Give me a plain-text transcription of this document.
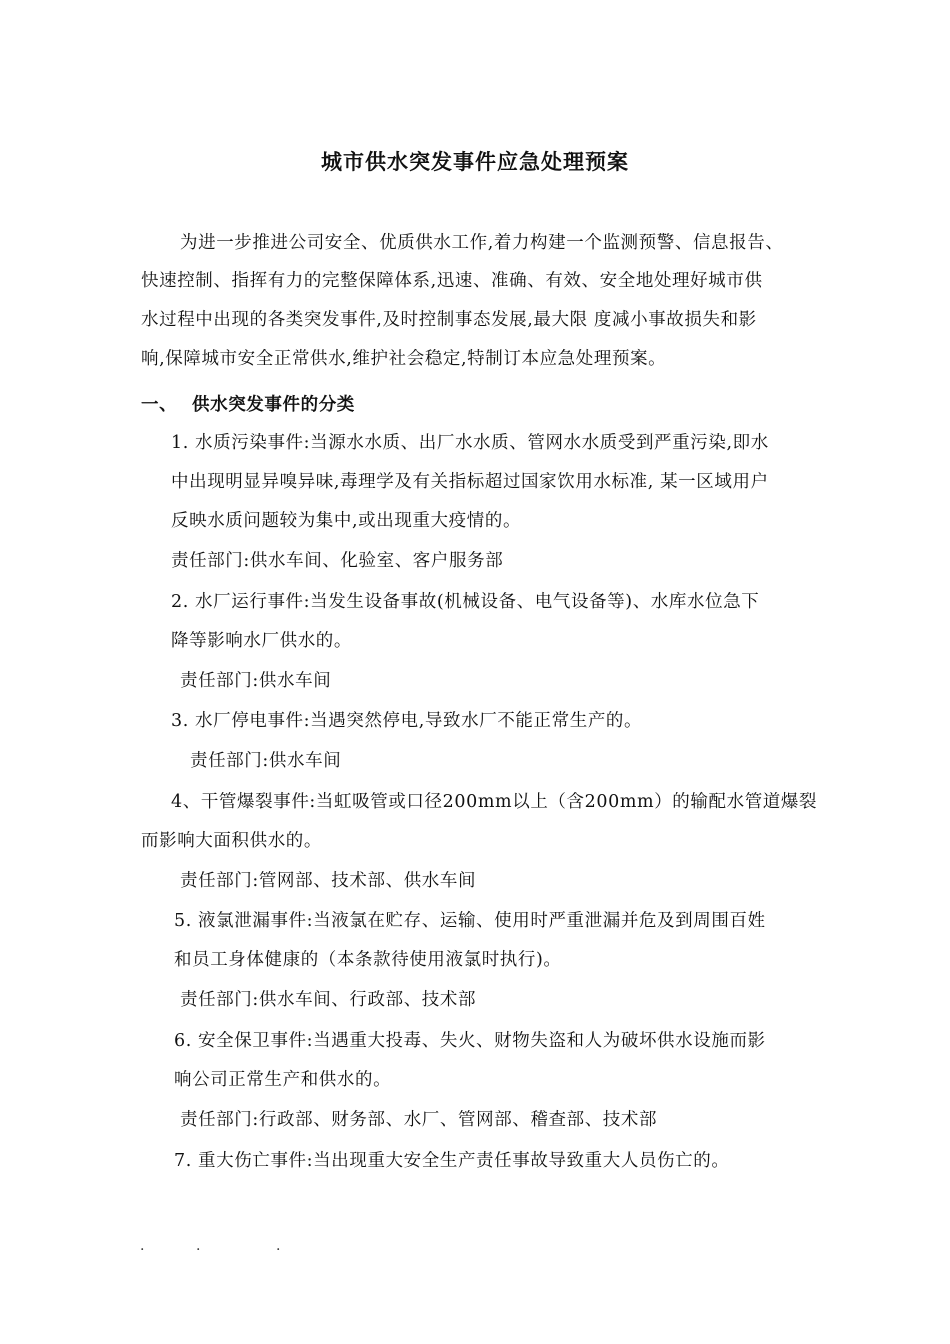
城市供水突发事件应急处理预案
为进一步推进公司安全、优质供水工作,着力构建一个监测预警、信息报告、
快速控制、指挥有力的完整保障体系,迅速、准确、有效、安全地处理好城市供
水过程中出现的各类突发事件,及时控制事态发展,最大限 度减小事故损失和影
响,保障城市安全正常供水,维护社会稳定,特制订本应急处理预案。
一、 供水突发事件的分类
1. 水质污染事件:当源水水质、出厂水水质、管网水水质受到严重污染,即水
中出现明显异嗅异味,毒理学及有关指标超过国家饮用水标准, 某一区域用户
反映水质问题较为集中,或出现重大疫情的。
责任部门:供水车间、化验室、客户服务部
2. 水厂运行事件:当发生设备事故(机械设备、电气设备等)、水库水位急下
降等影响水厂供水的。
责任部门:供水车间
3. 水厂停电事件:当遇突然停电,导致水厂不能正常生产的。
责任部门:供水车间
4、干管爆裂事件:当虹吸管或口径200mm以上（含200mm）的输配水管道爆裂
而影响大面积供水的。
责任部门:管网部、技术部、供水车间
5. 液氯泄漏事件:当液氯在贮存、运输、使用时严重泄漏并危及到周围百姓
和员工身体健康的（本条款待使用液氯时执行)。
责任部门:供水车间、行政部、技术部
6. 安全保卫事件:当遇重大投毒、失火、财物失盗和人为破坏供水设施而影
响公司正常生产和供水的。
责任部门:行政部、财务部、水厂、管网部、稽查部、技术部
7. 重大伤亡事件:当出现重大安全生产责任事故导致重大人员伤亡的。
.	.	.
